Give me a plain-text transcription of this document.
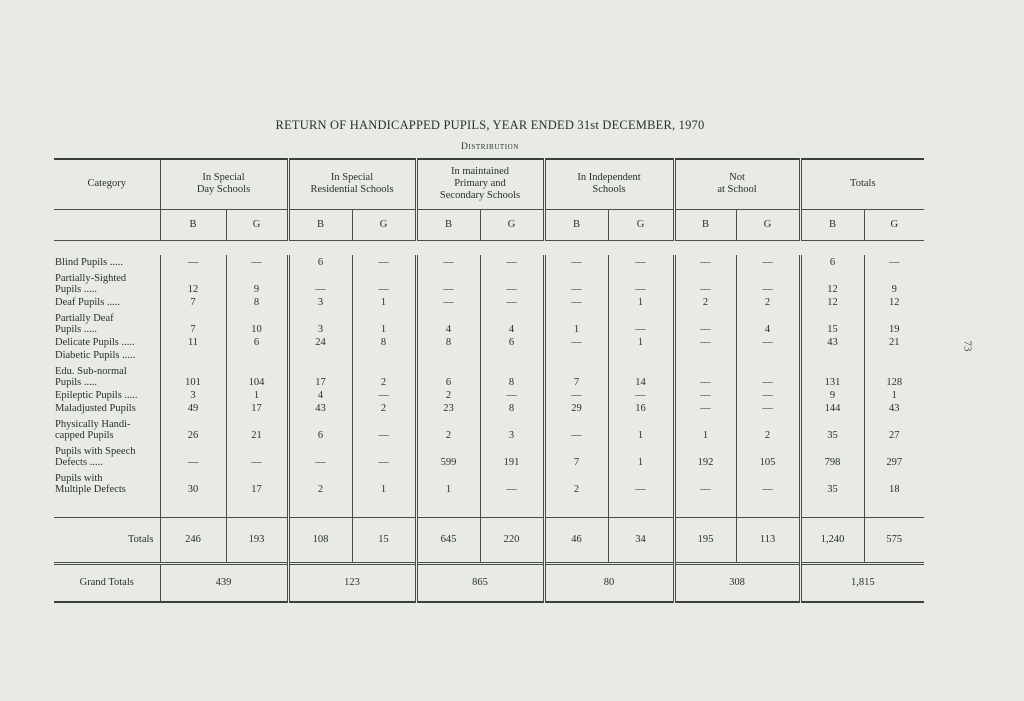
73
RETURN OF HANDICAPPED PUPILS, YEAR ENDED 31st DECEMBER, 1970
Distribution
Category	In Special
Day Schools		In Special
Residential Schools		In maintained
Primary and
Secondary Schools		In Independent
Schools		Not
at School		Totals	
	B	G	B	G	B	G	B	G	B	G	B	G

Blind Pupils .....	—	—	6	—	—	—	—	—	—	—	6	—
Partially-Sighted
Pupils .....	12	9	—	—	—	—	—	—	—	—	12	9
Deaf Pupils .....	7	8	3	1	—	—	—	1	2	2	12	12
Partially Deaf
Pupils .....	7	10	3	1	4	4	1	—	—	4	15	19
Delicate Pupils .....	11	6	24	8	8	6	—	1	—	—	43	21
Diabetic Pupils .....												
Edu. Sub-normal
Pupils .....	101	104	17	2	6	8	7	14	—	—	131	128
Epileptic Pupils .....	3	1	4	—	2	—	—	—	—	—	9	1
Maladjusted Pupils	49	17	43	2	23	8	29	16	—	—	144	43
Physically Handi-
capped Pupils	26	21	6	—	2	3	—	1	1	2	35	27
Pupils with Speech
Defects .....	—	—	—	—	599	191	7	1	192	105	798	297
Pupils with
Multiple Defects	30	17	2	1	1	—	2	—	—	—	35	18

Totals	246	193	108	15	645	220	46	34	195	113	1,240	575
Grand Totals	439		123		865		80		308		1,815	
